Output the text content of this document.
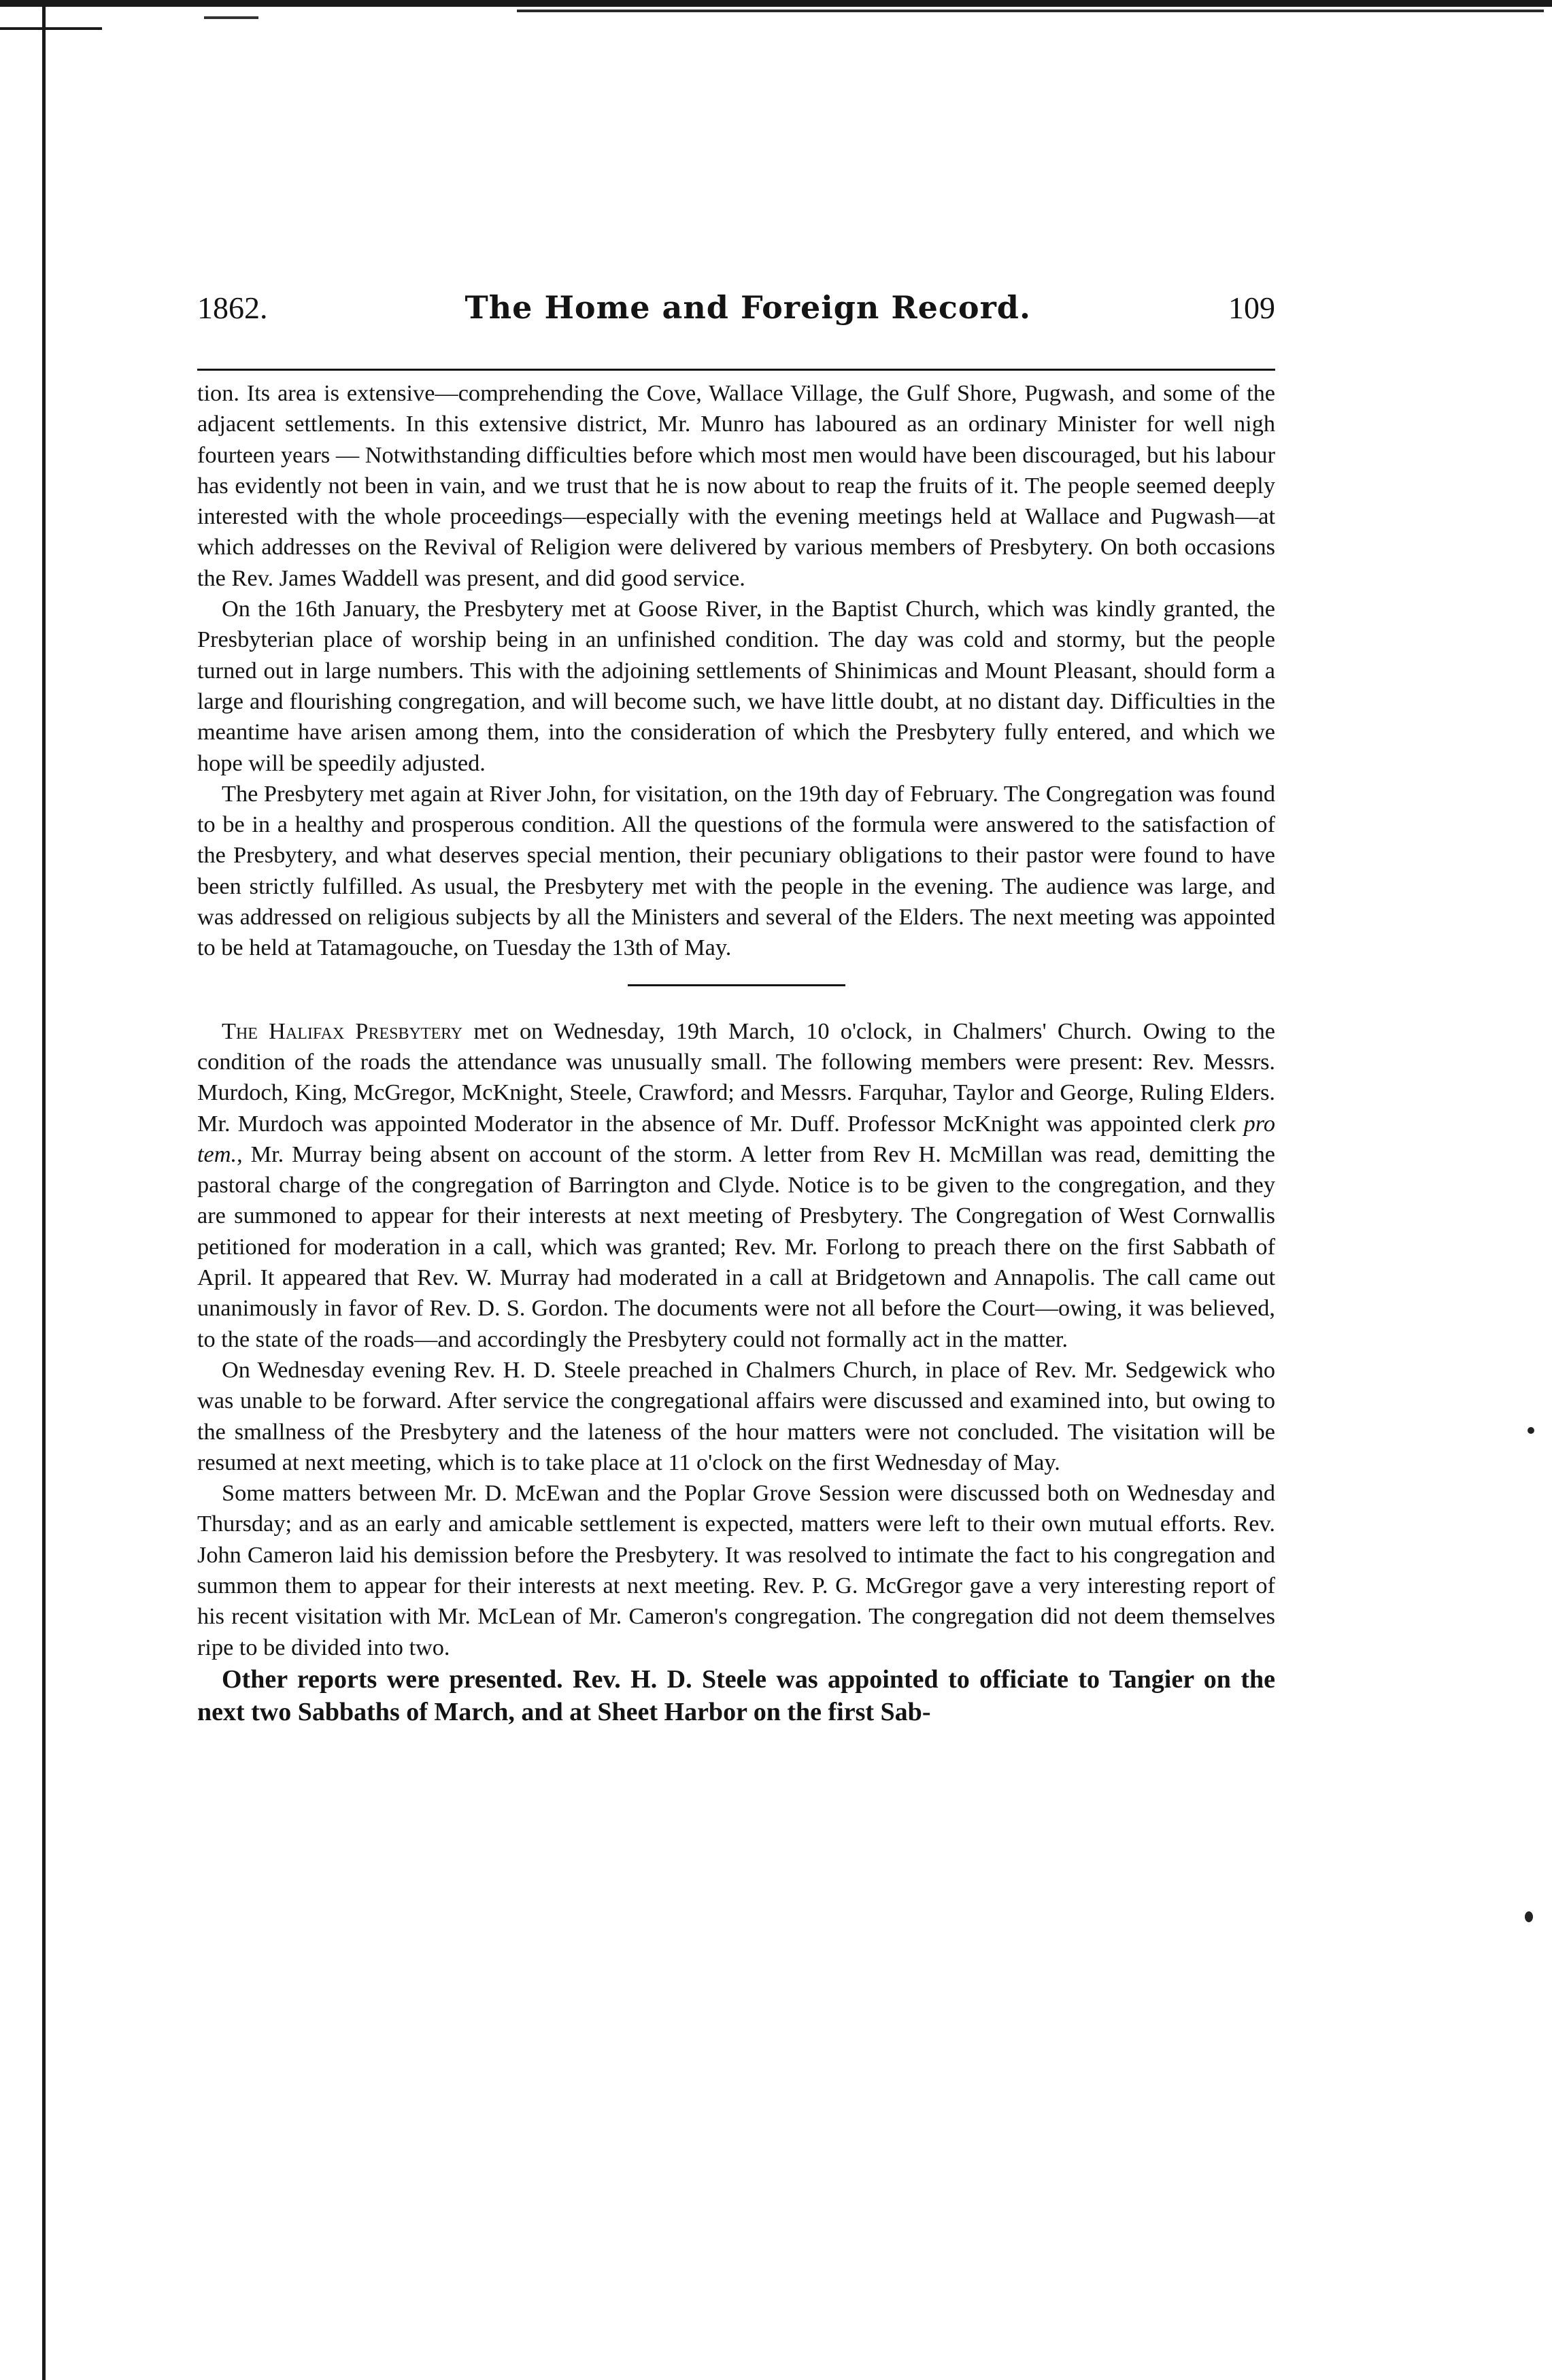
1862.	The Home and Foreign Record.	109

tion. Its area is extensive—comprehending the Cove, Wallace Village, the Gulf Shore, Pugwash, and some of the adjacent settlements. In this extensive district, Mr. Munro has laboured as an ordinary Minister for well nigh fourteen years — Notwithstanding difficulties before which most men would have been discouraged, but his labour has evidently not been in vain, and we trust that he is now about to reap the fruits of it. The people seemed deeply interested with the whole proceedings—especially with the evening meetings held at Wallace and Pugwash—at which addresses on the Revival of Religion were delivered by various members of Presbytery. On both occasions the Rev. James Waddell was present, and did good service.

On the 16th January, the Presbytery met at Goose River, in the Baptist Church, which was kindly granted, the Presbyterian place of worship being in an unfinished condition. The day was cold and stormy, but the people turned out in large numbers. This with the adjoining settlements of Shinimicas and Mount Pleasant, should form a large and flourishing congregation, and will become such, we have little doubt, at no distant day. Difficulties in the meantime have arisen among them, into the consideration of which the Presbytery fully entered, and which we hope will be speedily adjusted.

The Presbytery met again at River John, for visitation, on the 19th day of February. The Congregation was found to be in a healthy and prosperous condition. All the questions of the formula were answered to the satisfaction of the Presbytery, and what deserves special mention, their pecuniary obligations to their pastor were found to have been strictly fulfilled. As usual, the Presbytery met with the people in the evening. The audience was large, and was addressed on religious subjects by all the Ministers and several of the Elders. The next meeting was appointed to be held at Tatamagouche, on Tuesday the 13th of May.

The Halifax Presbytery met on Wednesday, 19th March, 10 o'clock, in Chalmers' Church. Owing to the condition of the roads the attendance was unusually small. The following members were present: Rev. Messrs. Murdoch, King, McGregor, McKnight, Steele, Crawford; and Messrs. Farquhar, Taylor and George, Ruling Elders. Mr. Murdoch was appointed Moderator in the absence of Mr. Duff. Professor McKnight was appointed clerk pro tem., Mr. Murray being absent on account of the storm. A letter from Rev H. McMillan was read, demitting the pastoral charge of the congregation of Barrington and Clyde. Notice is to be given to the congregation, and they are summoned to appear for their interests at next meeting of Presbytery. The Congregation of West Cornwallis petitioned for moderation in a call, which was granted; Rev. Mr. Forlong to preach there on the first Sabbath of April. It appeared that Rev. W. Murray had moderated in a call at Bridgetown and Annapolis. The call came out unanimously in favor of Rev. D. S. Gordon. The documents were not all before the Court—owing, it was believed, to the state of the roads—and accordingly the Presbytery could not formally act in the matter.

On Wednesday evening Rev. H. D. Steele preached in Chalmers Church, in place of Rev. Mr. Sedgewick who was unable to be forward. After service the congregational affairs were discussed and examined into, but owing to the smallness of the Presbytery and the lateness of the hour matters were not concluded. The visitation will be resumed at next meeting, which is to take place at 11 o'clock on the first Wednesday of May.

Some matters between Mr. D. McEwan and the Poplar Grove Session were discussed both on Wednesday and Thursday; and as an early and amicable settlement is expected, matters were left to their own mutual efforts. Rev. John Cameron laid his demission before the Presbytery. It was resolved to intimate the fact to his congregation and summon them to appear for their interests at next meeting. Rev. P. G. McGregor gave a very interesting report of his recent visitation with Mr. McLean of Mr. Cameron's congregation. The congregation did not deem themselves ripe to be divided into two.

Other reports were presented. Rev. H. D. Steele was appointed to officiate to Tangier on the next two Sabbaths of March, and at Sheet Harbor on the first Sab-
